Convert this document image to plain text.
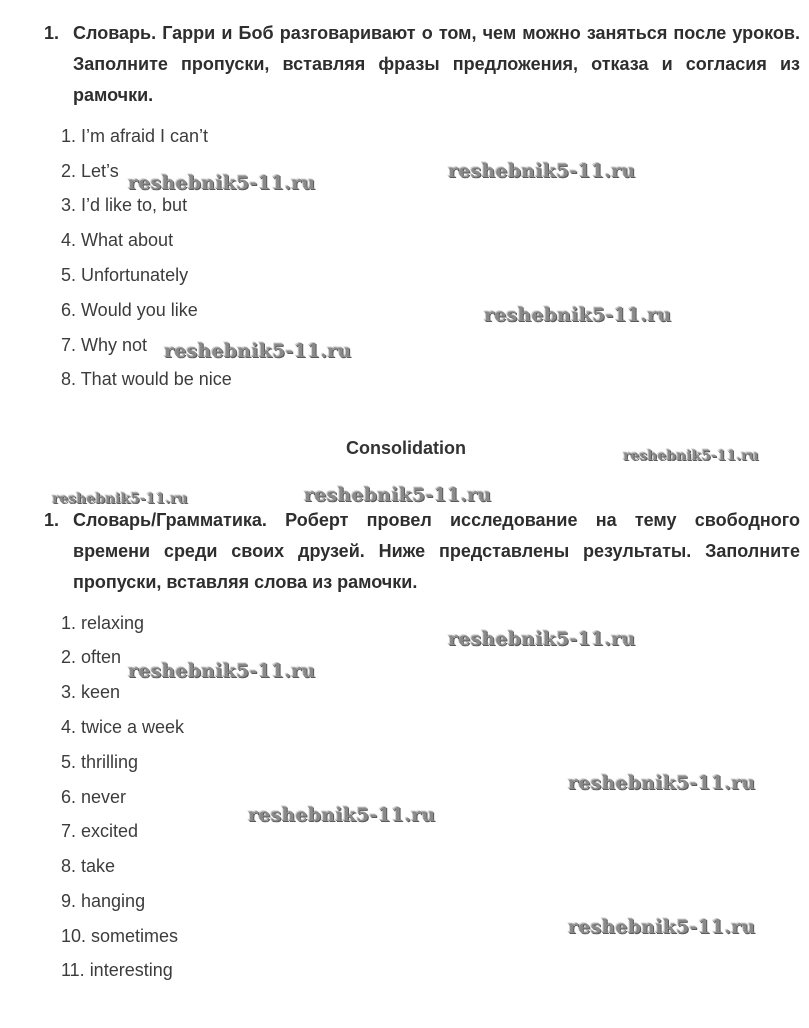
1. Словарь. Гарри и Боб разговаривают о том, чем можно заняться после уроков. Заполните пропуски, вставляя фразы предложения, отказа и согласия из рамочки.
1. I’m afraid I can’t
2. Let’s
3. I’d like to, but
4. What about
5. Unfortunately
6. Would you like
7. Why not
8. That would be nice
Consolidation
1. Словарь/Грамматика. Роберт провел исследование на тему свободного времени среди своих друзей. Ниже представлены результаты. Заполните пропуски, вставляя слова из рамочки.
1. relaxing
2. often
3. keen
4. twice a week
5. thrilling
6. never
7. excited
8. take
9. hanging
10. sometimes
11. interesting
reshebnik5-11.ru
reshebnik5-11.ru
reshebnik5-11.ru
reshebnik5-11.ru
reshebnik5-11.ru
reshebnik5-11.ru	reshebnik5-11.ru
reshebnik5-11.ru
reshebnik5-11.ru
reshebnik5-11.ru
reshebnik5-11.ru
reshebnik5-11.ru
